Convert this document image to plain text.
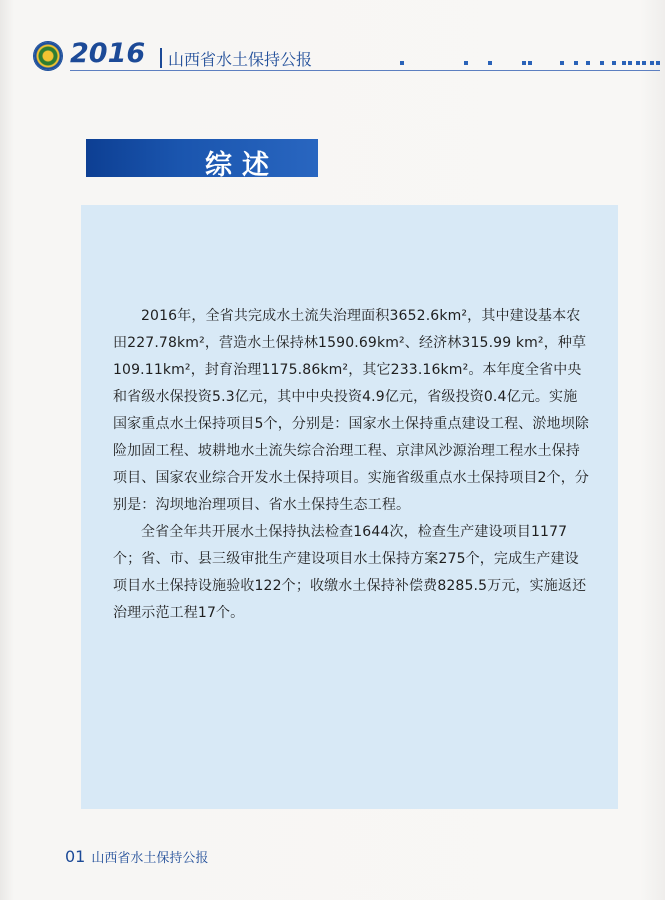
2016 山西省水土保持公报
综述

2016年，全省共完成水土流失治理面积3652.6km²，其中建设基本农田227.78km²，营造水土保持林1590.69km²、经济林315.99 km²，种草109.11km²，封育治理1175.86km²，其它233.16km²。本年度全省中央和省级水保投资5.3亿元，其中中央投资4.9亿元，省级投资0.4亿元。实施国家重点水土保持项目5个，分别是：国家水土保持重点建设工程、淤地坝除险加固工程、坡耕地水土流失综合治理工程、京津风沙源治理工程水土保持项目、国家农业综合开发水土保持项目。实施省级重点水土保持项目2个，分别是：沟坝地治理项目、省水土保持生态工程。

全省全年共开展水土保持执法检查1644次，检查生产建设项目1177个；省、市、县三级审批生产建设项目水土保持方案275个，完成生产建设项目水土保持设施验收122个；收缴水土保持补偿费8285.5万元，实施返还治理示范工程17个。

01 山西省水土保持公报
